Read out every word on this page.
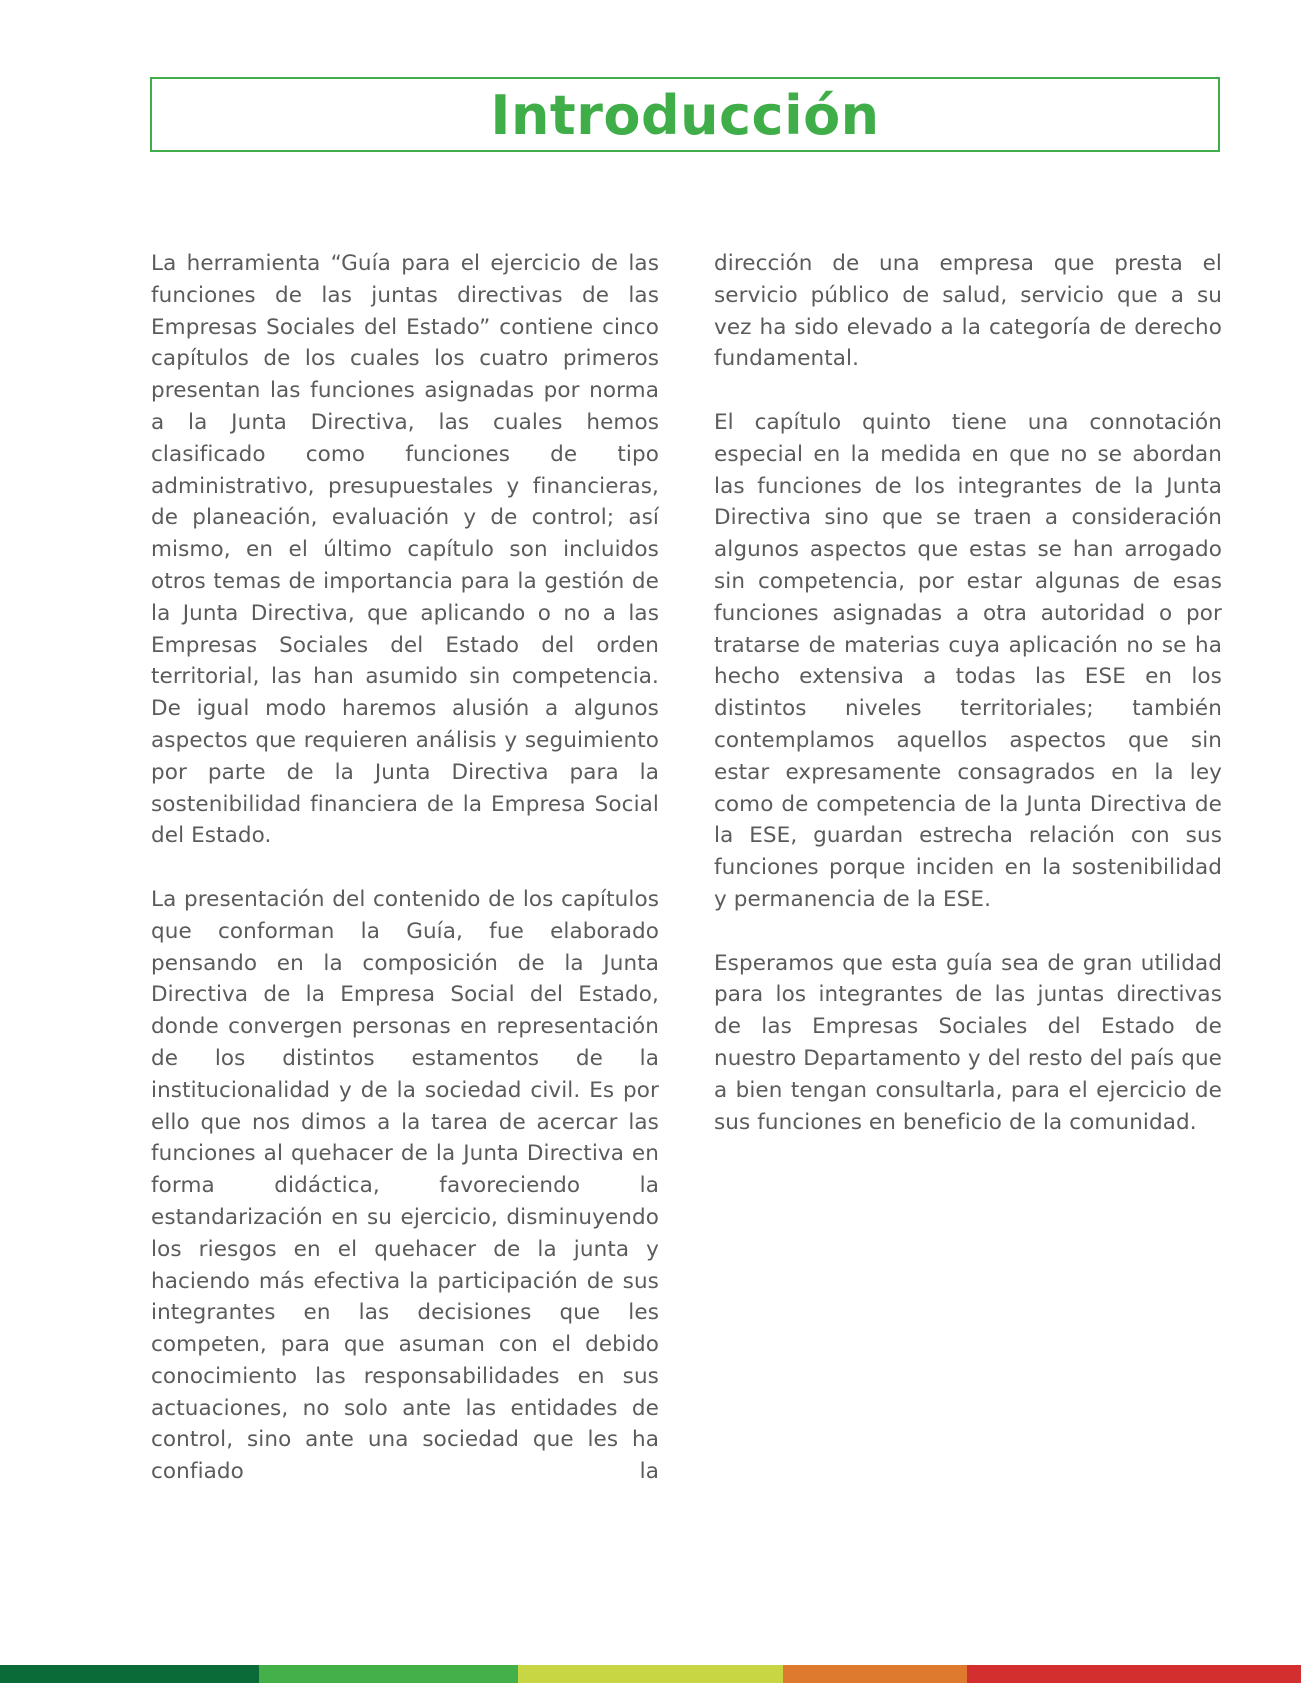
Introducción

La herramienta “Guía para el ejercicio de las funciones de las juntas directivas de las Empresas Sociales del Estado” contiene cinco capítulos de los cuales los cuatro primeros presentan las funciones asignadas por norma a la Junta Directiva, las cuales hemos clasificado como funciones de tipo administrativo, presupuestales y financieras, de planeación, evaluación y de control; así mismo, en el último capítulo son incluidos otros temas de importancia para la gestión de la Junta Directiva, que aplicando o no a las Empresas Sociales del Estado del orden territorial, las han asumido sin competencia. De igual modo haremos alusión a algunos aspectos que requieren análisis y seguimiento por parte de la Junta Directiva para la sostenibilidad financiera de la Empresa Social del Estado.

La presentación del contenido de los capítulos que conforman la Guía, fue elaborado pensando en la composición de la Junta Directiva de la Empresa Social del Estado, donde convergen personas en representación de los distintos estamentos de la institucionalidad y de la sociedad civil. Es por ello que nos dimos a la tarea de acercar las funciones al quehacer de la Junta Directiva en forma didáctica, favoreciendo la estandarización en su ejercicio, disminuyendo los riesgos en el quehacer de la junta y haciendo más efectiva la participación de sus integrantes en las decisiones que les competen, para que asuman con el debido conocimiento las responsabilidades en sus actuaciones, no solo ante las entidades de control, sino ante una sociedad que les ha confiado la

dirección de una empresa que presta el servicio público de salud, servicio que a su vez ha sido elevado a la categoría de derecho fundamental.

El capítulo quinto tiene una connotación especial en la medida en que no se abordan las funciones de los integrantes de la Junta Directiva sino que se traen a consideración algunos aspectos que estas se han arrogado sin competencia, por estar algunas de esas funciones asignadas a otra autoridad o por tratarse de materias cuya aplicación no se ha hecho extensiva a todas las ESE en los distintos niveles territoriales; también contemplamos aquellos aspectos que sin estar expresamente consagrados en la ley como de competencia de la Junta Directiva de la ESE, guardan estrecha relación con sus funciones porque inciden en la sostenibilidad y permanencia de la ESE.

Esperamos que esta guía sea de gran utilidad para los integrantes de las juntas directivas de las Empresas Sociales del Estado de nuestro Departamento y del resto del país que a bien tengan consultarla, para el ejercicio de sus funciones en beneficio de la comunidad.
